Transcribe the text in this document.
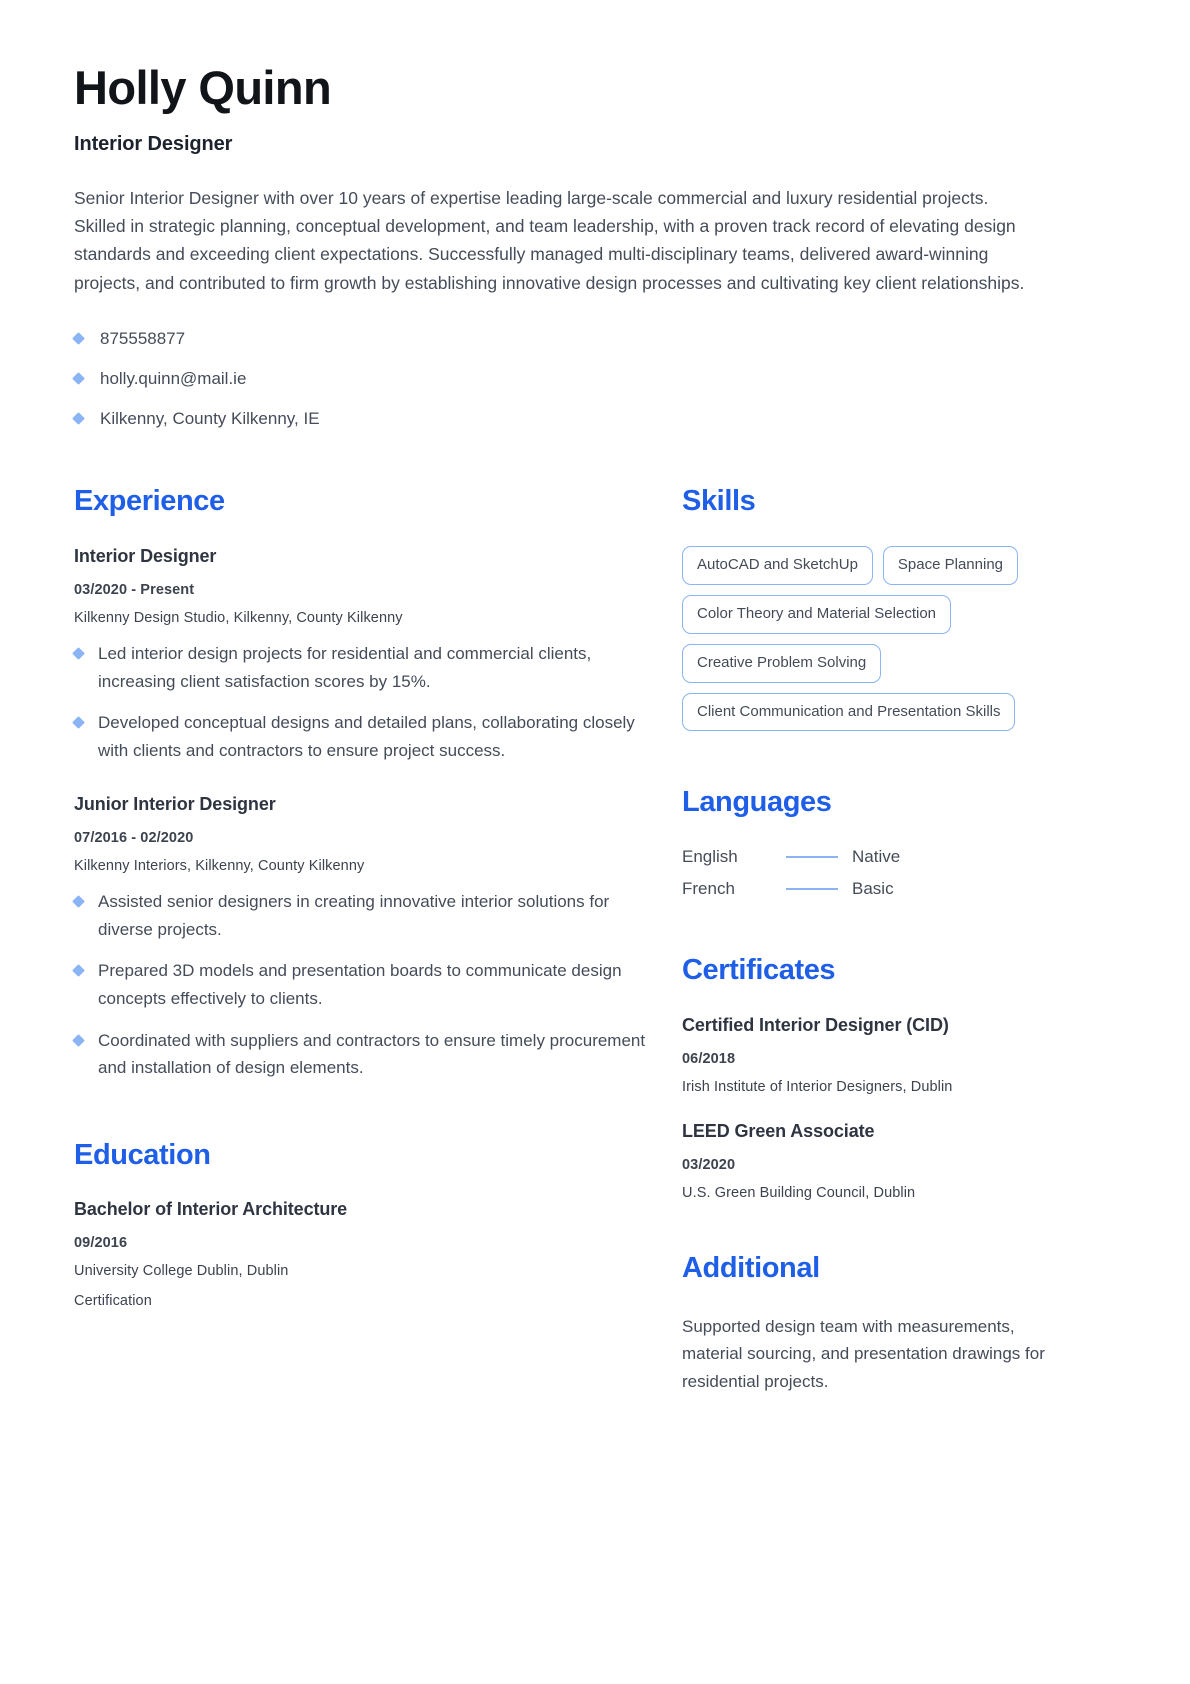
Holly Quinn
Interior Designer

Senior Interior Designer with over 10 years of expertise leading large-scale commercial and luxury residential projects. Skilled in strategic planning, conceptual development, and team leadership, with a proven track record of elevating design standards and exceeding client expectations. Successfully managed multi-disciplinary teams, delivered award-winning projects, and contributed to firm growth by establishing innovative design processes and cultivating key client relationships.

875558877
holly.quinn@mail.ie
Kilkenny, County Kilkenny, IE
Experience
Interior Designer
03/2020 - Present
Kilkenny Design Studio, Kilkenny, County Kilkenny
Led interior design projects for residential and commercial clients, increasing client satisfaction scores by 15%.
Developed conceptual designs and detailed plans, collaborating closely with clients and contractors to ensure project success.
Junior Interior Designer
07/2016 - 02/2020
Kilkenny Interiors, Kilkenny, County Kilkenny
Assisted senior designers in creating innovative interior solutions for diverse projects.
Prepared 3D models and presentation boards to communicate design concepts effectively to clients.
Coordinated with suppliers and contractors to ensure timely procurement and installation of design elements.
Education
Bachelor of Interior Architecture
09/2016
University College Dublin, Dublin
Certification
Skills
AutoCAD and SketchUp	Space Planning
Color Theory and Material Selection
Creative Problem Solving
Client Communication and Presentation Skills
Languages
English	Native
French	Basic
Certificates
Certified Interior Designer (CID)
06/2018
Irish Institute of Interior Designers, Dublin
LEED Green Associate
03/2020
U.S. Green Building Council, Dublin
Additional

Supported design team with measurements, material sourcing, and presentation drawings for residential projects.
